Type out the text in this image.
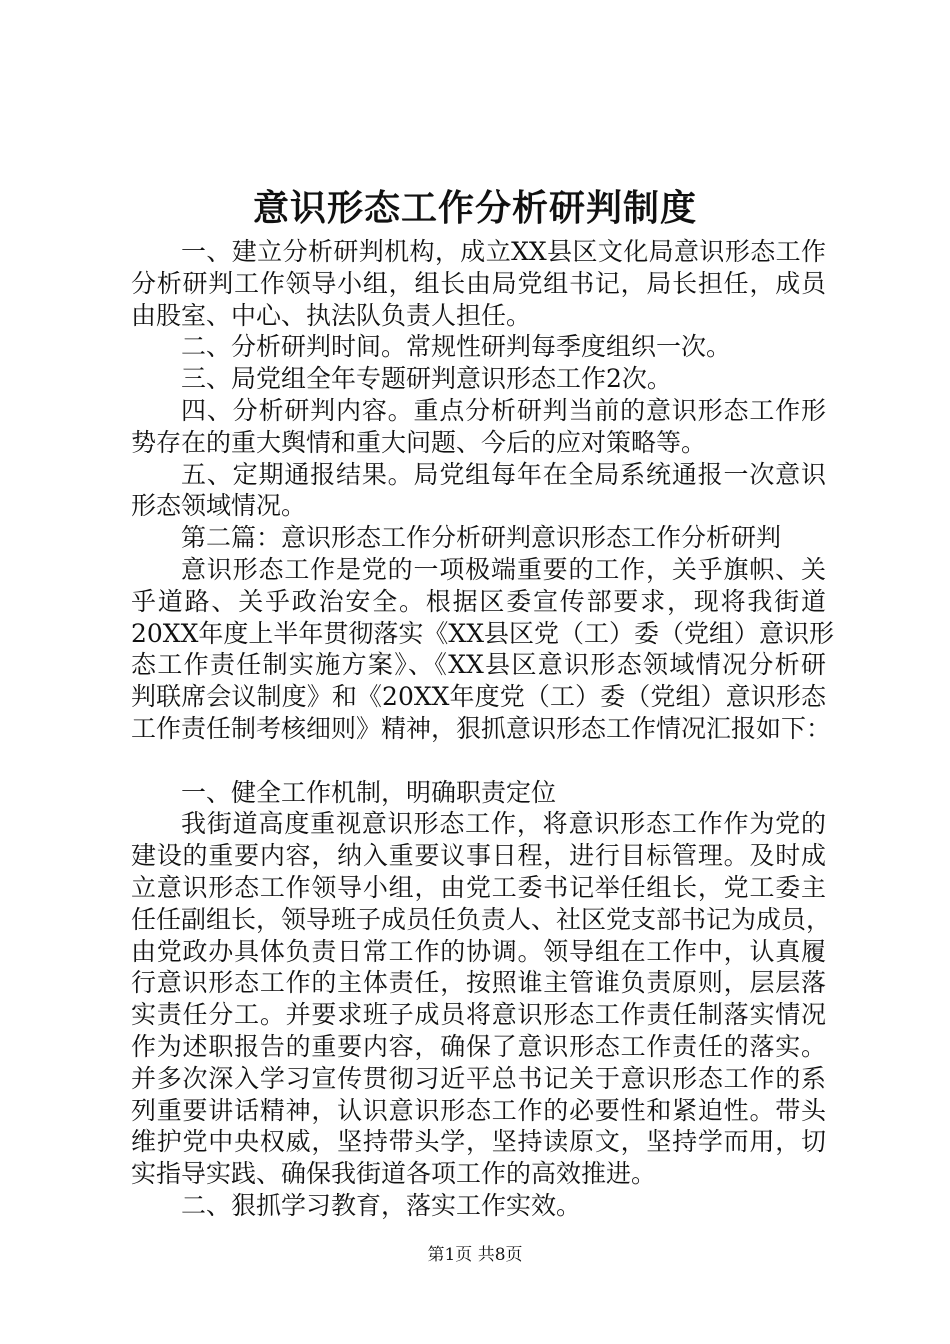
意识形态工作分析研判制度
一、建立分析研判机构，成立XX县区文化局意识形态工作
分析研判工作领导小组，组长由局党组书记，局长担任，成员
由股室、中心、执法队负责人担任。
二、分析研判时间。常规性研判每季度组织一次。
三、局党组全年专题研判意识形态工作2次。
四、分析研判内容。重点分析研判当前的意识形态工作形
势存在的重大舆情和重大问题、今后的应对策略等。
五、定期通报结果。局党组每年在全局系统通报一次意识
形态领域情况。
第二篇：意识形态工作分析研判意识形态工作分析研判
意识形态工作是党的一项极端重要的工作，关乎旗帜、关
乎道路、关乎政治安全。根据区委宣传部要求，现将我街道
20XX年度上半年贯彻落实《XX县区党（工）委（党组）意识形
态工作责任制实施方案》、《XX县区意识形态领域情况分析研
判联席会议制度》和《20XX年度党（工）委（党组）意识形态
工作责任制考核细则》精神，狠抓意识形态工作情况汇报如下：
一、健全工作机制，明确职责定位
我街道高度重视意识形态工作，将意识形态工作作为党的
建设的重要内容，纳入重要议事日程，进行目标管理。及时成
立意识形态工作领导小组，由党工委书记举任组长，党工委主
任任副组长，领导班子成员任负责人、社区党支部书记为成员，
由党政办具体负责日常工作的协调。领导组在工作中，认真履
行意识形态工作的主体责任，按照谁主管谁负责原则，层层落
实责任分工。并要求班子成员将意识形态工作责任制落实情况
作为述职报告的重要内容，确保了意识形态工作责任的落实。
并多次深入学习宣传贯彻习近平总书记关于意识形态工作的系
列重要讲话精神，认识意识形态工作的必要性和紧迫性。带头
维护党中央权威，坚持带头学，坚持读原文，坚持学而用，切
实指导实践、确保我街道各项工作的高效推进。
二、狠抓学习教育，落实工作实效。
第1页 共8页
